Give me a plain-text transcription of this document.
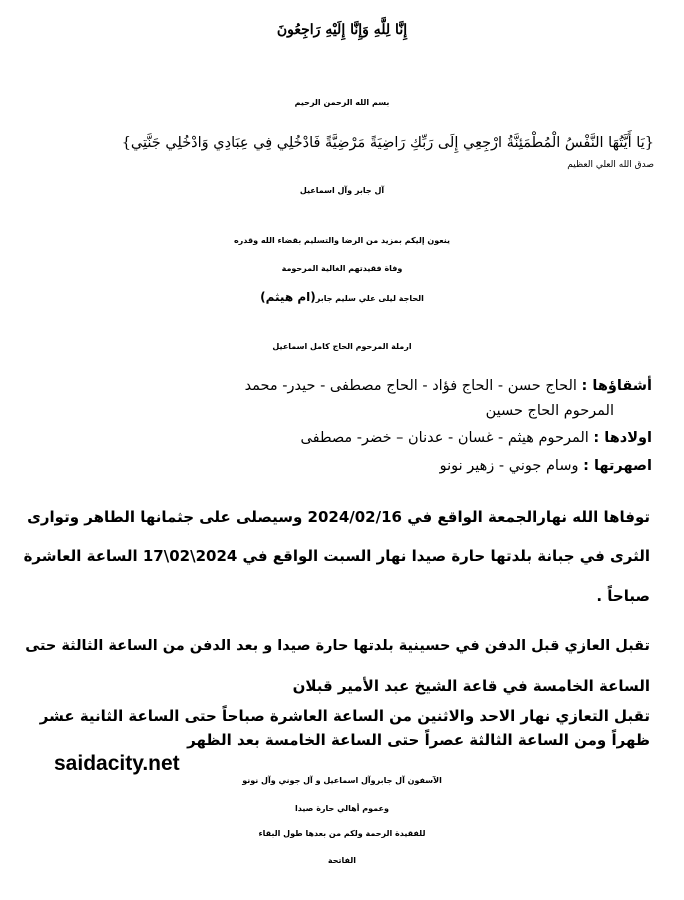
إِنَّا لِلَّهِ وَإِنَّا إِلَيْهِ رَاجِعُونَ
بسم الله الرحمن الرحيم
{يَا أَيَّتُهَا النَّفْسُ الْمُطْمَئِنَّةُ ارْجِعِي إِلَى رَبِّكِ رَاضِيَةً مَرْضِيَّةً فَادْخُلِي فِي عِبَادِي وَادْخُلِي جَنَّتِي}
صدق الله العلي العظيم
آل جابر وآل اسماعيل
ينعون إليكم بمزيد من الرضا والتسليم بقضاء الله وقدره
وفاة فقيدتهم الغالية المرحومة
الحاجة ليلى علي سليم جابر(ام هيثم)
ارملة المرحوم الحاج كامل اسماعيل
أشقاؤها : الحاج حسن - الحاج فؤاد - الحاج مصطفى - حيدر- محمد
المرحوم الحاج حسين
اولادها : المرحوم هيثم - غسان - عدنان – خضر- مصطفى
اصهرتها : وسام جوني - زهير نونو
توفاها الله نهارالجمعة الواقع في 2024/02/16 وسيصلى على جثمانها الطاهر وتوارى
الثرى في جبانة بلدتها حارة صيدا نهار السبت الواقع في 2024\02\17 الساعة العاشرة
صباحاً .
تقبل العازي قبل الدفن في حسينية بلدتها حارة صيدا و بعد الدفن من الساعة الثالثة حتى
الساعة الخامسة في قاعة الشيخ عبد الأمير قبلان
تقبل التعازي نهار الاحد والاثنين من الساعة العاشرة صباحاً حتى الساعة الثانية عشر
ظهراً ومن الساعة الثالثة عصراً حتى الساعة الخامسة بعد الظهر
saidacity.net
الآسفون آل جابروآل اسماعيل و آل جوني وآل نونو
وعموم أهالي حارة صيدا
للفقيدة الرحمة ولكم من بعدها طول البقاء
الفاتحة
